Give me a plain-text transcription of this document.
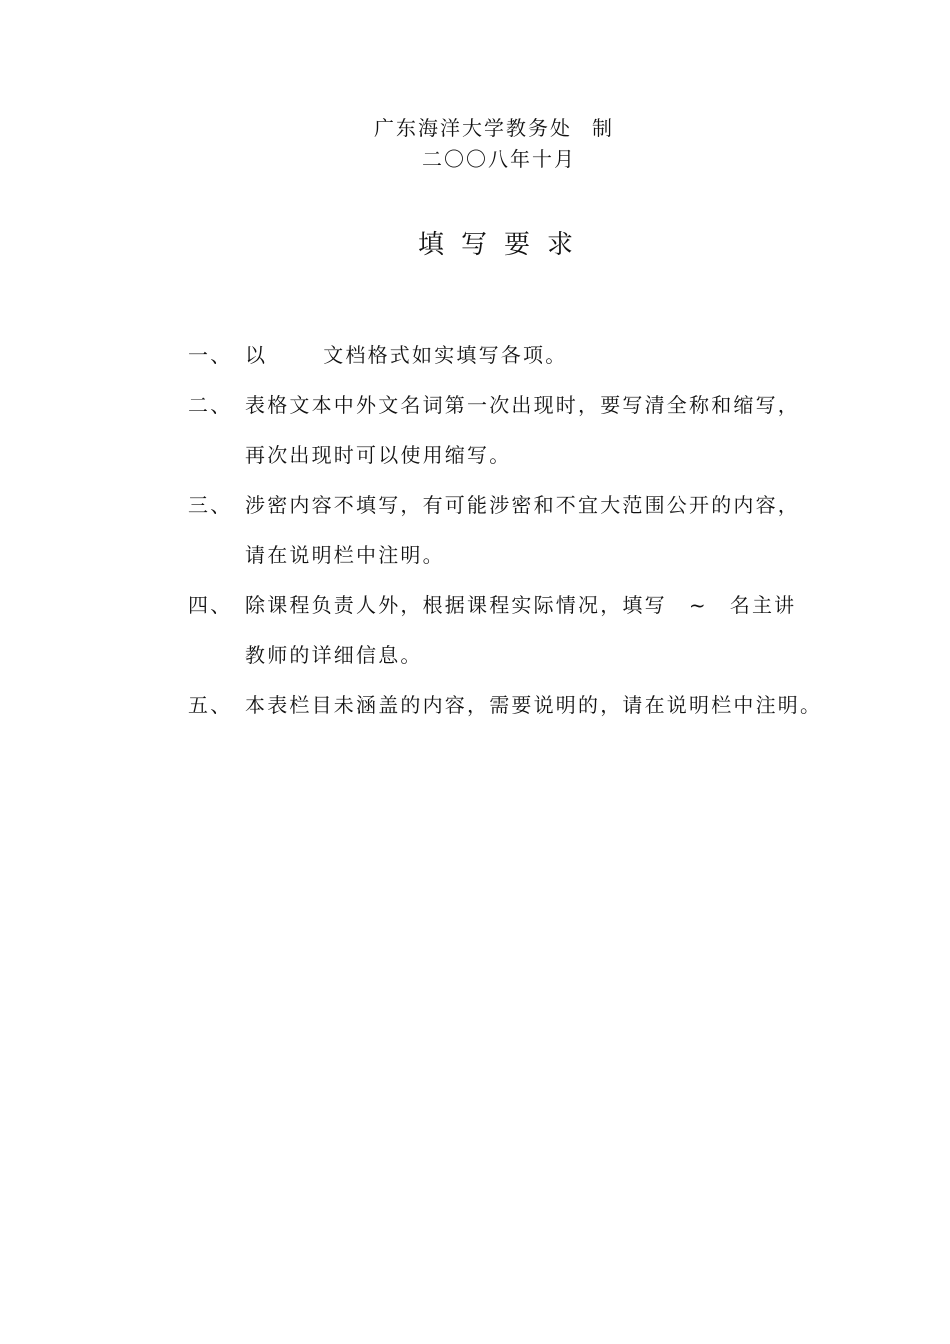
广东海洋大学教务处 制
二〇〇八年十月
填写要求
一、 以	文档格式如实填写各项。
二、 表格文本中外文名词第一次出现时，要写清全称和缩写，
再次出现时可以使用缩写。
三、 涉密内容不填写，有可能涉密和不宜大范围公开的内容，
请在说明栏中注明。
四、 除课程负责人外，根据课程实际情况，填写 ~ 名主讲
教师的详细信息。
五、 本表栏目未涵盖的内容，需要说明的，请在说明栏中注明。
